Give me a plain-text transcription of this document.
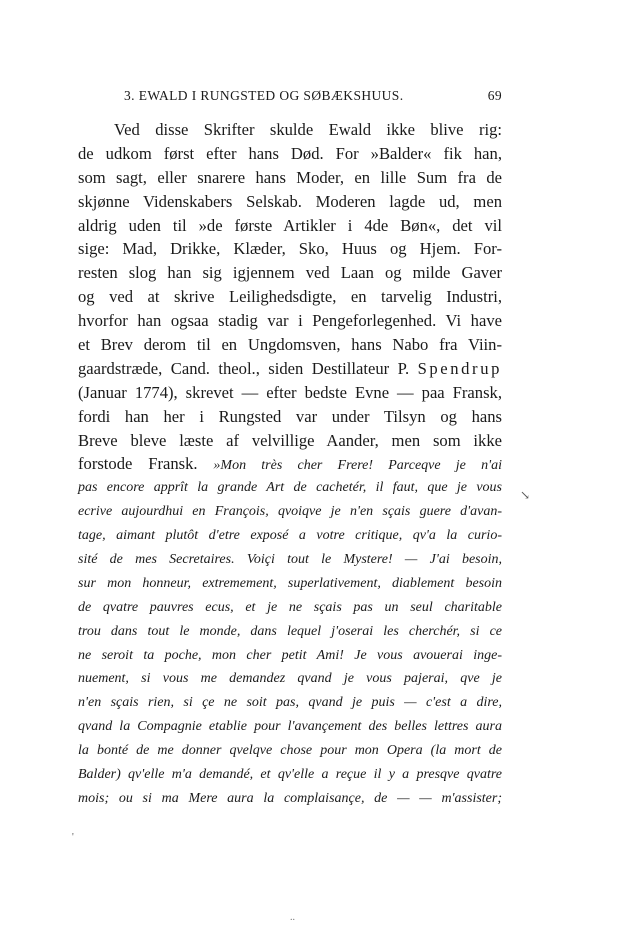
3. EWALD I RUNGSTED OG SØBÆKSHUUS.	69
Ved disse Skrifter skulde Ewald ikke blive rig:
de udkom først efter hans Død. For »Balder« fik han,
som sagt, eller snarere hans Moder, en lille Sum fra de
skjønne Videnskabers Selskab. Moderen lagde ud, men
aldrig uden til »de første Artikler i 4de Bøn«, det vil
sige: Mad, Drikke, Klæder, Sko, Huus og Hjem. For-
resten slog han sig igjennem ved Laan og milde Gaver
og ved at skrive Leilighedsdigte, en tarvelig Industri,
hvorfor han ogsaa stadig var i Pengeforlegenhed. Vi have
et Brev derom til en Ungdomsven, hans Nabo fra Viin-
gaardstræde, Cand. theol., siden Destillateur P. Spendrup
(Januar 1774), skrevet — efter bedste Evne — paa Fransk,
fordi han her i Rungsted var under Tilsyn og hans
Breve bleve læste af velvillige Aander, men som ikke
forstode Fransk. »Mon très cher Frere! Parceqve je n'ai
pas encore apprît la grande Art de cachetér, il faut, que je vous
ecrive aujourdhui en François, qvoiqve je n'en sçais guere d'avan-
tage, aimant plutôt d'etre exposé a votre critique, qv'a la curio-
sité de mes Secretaires. Voiçi tout le Mystere! — J'ai besoin,
sur mon honneur, extremement, superlativement, diablement besoin
de qvatre pauvres ecus, et je ne sçais pas un seul charitable
trou dans tout le monde, dans lequel j'oserai les cherchér, si ce
ne seroit ta poche, mon cher petit Ami! Je vous avouerai inge-
nuement, si vous me demandez qvand je vous pajerai, qve je
n'en sçais rien, si çe ne soit pas, qvand je puis — c'est a dire,
qvand la Compagnie etablie pour l'avançement des belles lettres aura
la bonté de me donner qvelqve chose pour mon Opera (la mort de
Balder) qv'elle m'a demandé, et qv'elle a reçue il y a presqve qvatre
mois; ou si ma Mere aura la complaisançe, de — — m'assister;
↘
'
..
